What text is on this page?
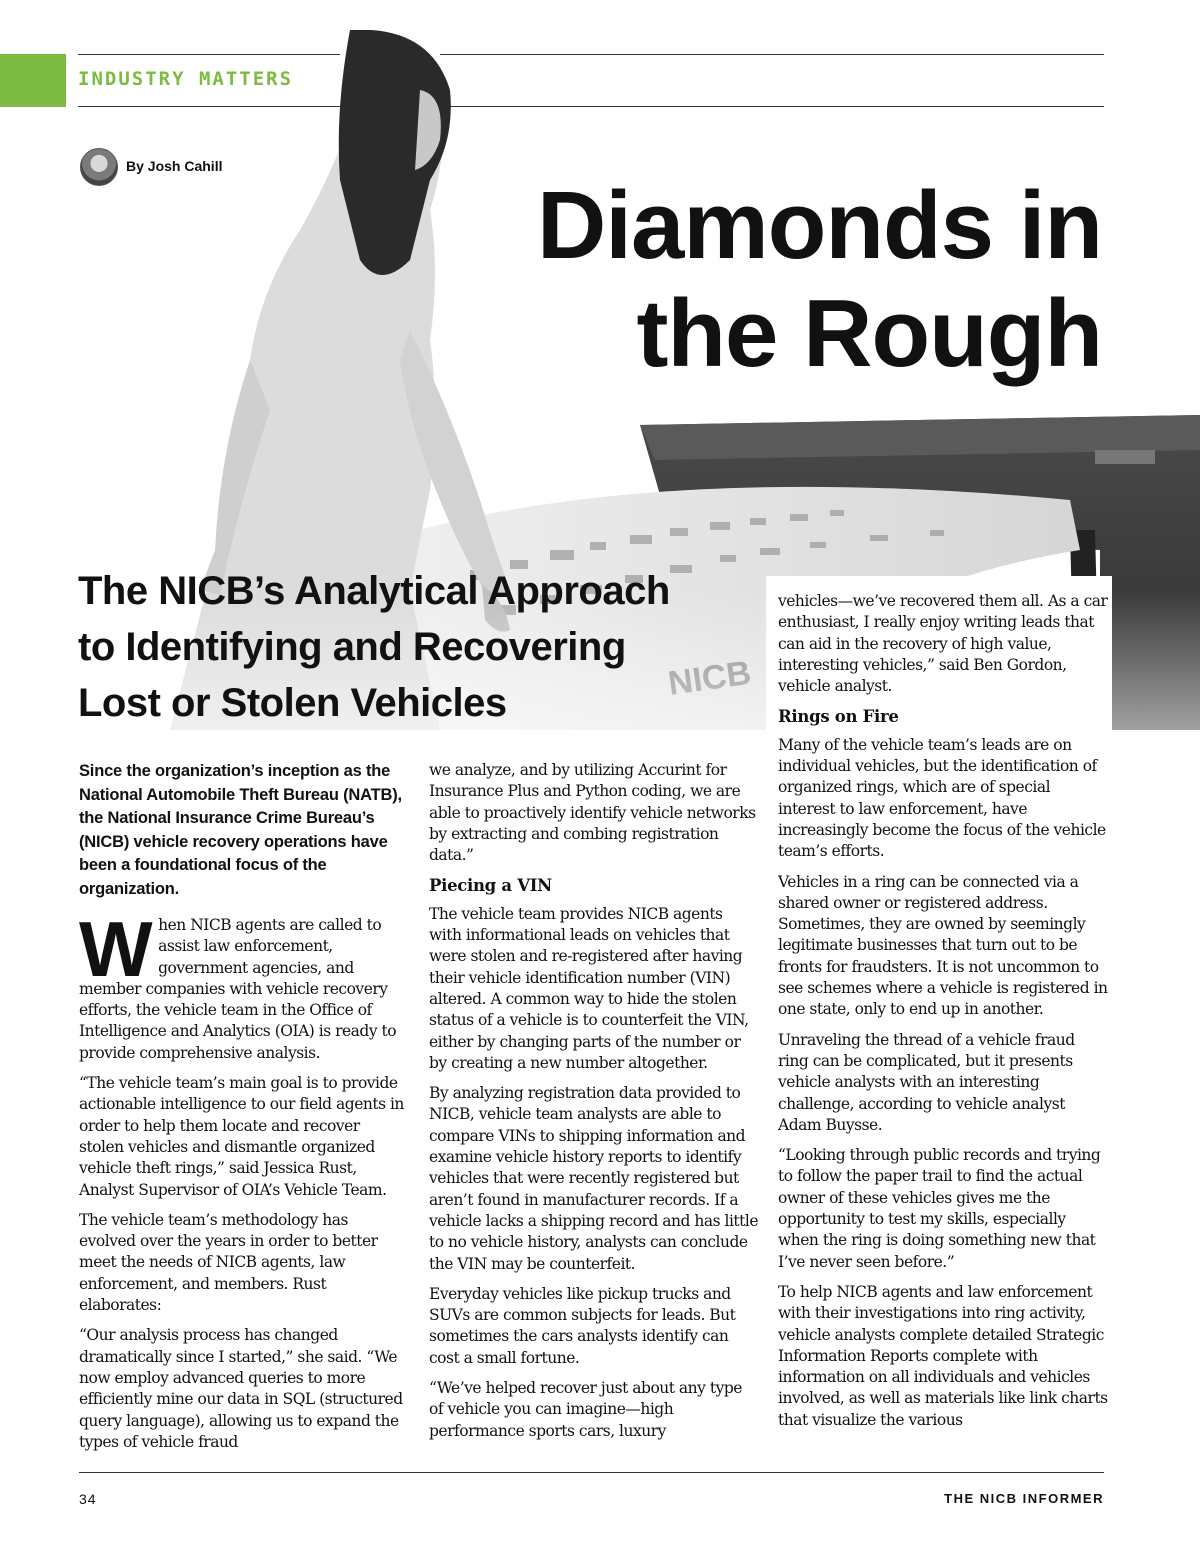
INDUSTRY MATTERS
By Josh Cahill
Diamonds in
the Rough
The NICB’s Analytical Approach
to Identifying and Recovering
Lost or Stolen Vehicles

Since the organization’s inception as the National Automobile Theft Bureau (NATB), the National Insurance Crime Bureau’s (NICB) vehicle recovery operations have been a foundational focus of the organization.

When NICB agents are called to assist law enforcement, government agencies, and member companies with vehicle recovery efforts, the vehicle team in the Office of Intelligence and Analytics (OIA) is ready to provide comprehensive analysis.

“The vehicle team’s main goal is to provide actionable intelligence to our field agents in order to help them locate and recover stolen vehicles and dismantle organized vehicle theft rings,” said Jessica Rust, Analyst Supervisor of OIA’s Vehicle Team.

The vehicle team’s methodology has evolved over the years in order to better meet the needs of NICB agents, law enforcement, and members. Rust elaborates:

“Our analysis process has changed dramatically since I started,” she said. “We now employ advanced queries to more efficiently mine our data in SQL (structured query language), allowing us to expand the types of vehicle fraud

we analyze, and by utilizing Accurint for Insurance Plus and Python coding, we are able to proactively identify vehicle networks by extracting and combing registration data.”

Piecing a VIN

The vehicle team provides NICB agents with informational leads on vehicles that were stolen and re-registered after having their vehicle identification number (VIN) altered. A common way to hide the stolen status of a vehicle is to counterfeit the VIN, either by changing parts of the number or by creating a new number altogether.

By analyzing registration data provided to NICB, vehicle team analysts are able to compare VINs to shipping information and examine vehicle history reports to identify vehicles that were recently registered but aren’t found in manufacturer records. If a vehicle lacks a shipping record and has little to no vehicle history, analysts can conclude the VIN may be counterfeit.

Everyday vehicles like pickup trucks and SUVs are common subjects for leads. But sometimes the cars analysts identify can cost a small fortune.

“We’ve helped recover just about any type of vehicle you can imagine—high performance sports cars, luxury

vehicles—we’ve recovered them all. As a car enthusiast, I really enjoy writing leads that can aid in the recovery of high value, interesting vehicles,” said Ben Gordon, vehicle analyst.

Rings on Fire

Many of the vehicle team’s leads are on individual vehicles, but the identification of organized rings, which are of special interest to law enforcement, have increasingly become the focus of the vehicle team’s efforts.

Vehicles in a ring can be connected via a shared owner or registered address. Sometimes, they are owned by seemingly legitimate businesses that turn out to be fronts for fraudsters. It is not uncommon to see schemes where a vehicle is registered in one state, only to end up in another.

Unraveling the thread of a vehicle fraud ring can be complicated, but it presents vehicle analysts with an interesting challenge, according to vehicle analyst Adam Buysse.

“Looking through public records and trying to follow the paper trail to find the actual owner of these vehicles gives me the opportunity to test my skills, especially when the ring is doing something new that I’ve never seen before.”

To help NICB agents and law enforcement with their investigations into ring activity, vehicle analysts complete detailed Strategic Information Reports complete with information on all individuals and vehicles involved, as well as materials like link charts that visualize the various

34	THE NICB INFORMER
